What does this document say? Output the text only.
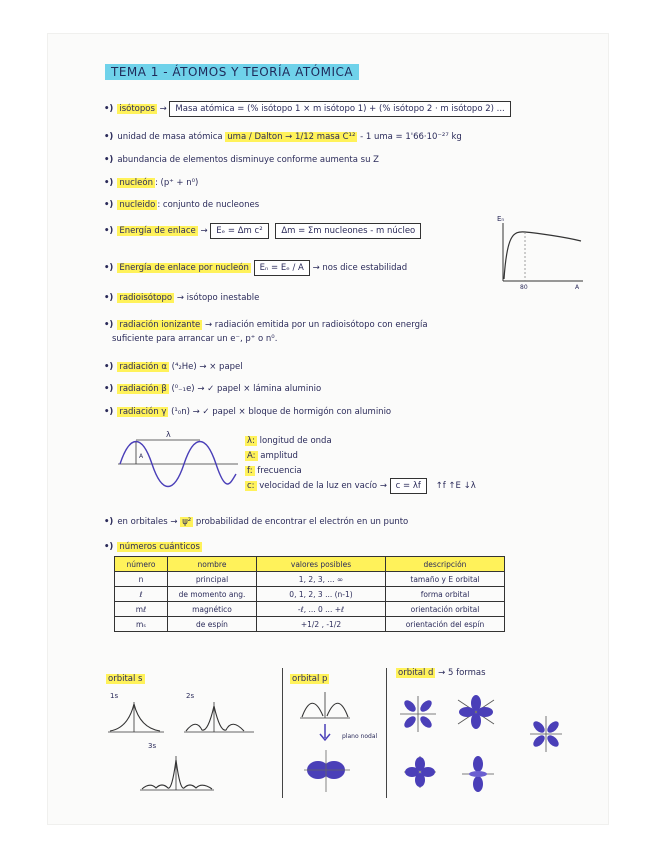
TEMA 1 - ÁTOMOS Y TEORÍA ATÓMICA
•) isótopos → Masa atómica = (% isótopo 1 × m isótopo 1) + (% isótopo 2 · m isótopo 2) ...
•) unidad de masa atómica uma / Dalton → 1/12 masa C¹² - 1 uma = 1'66·10⁻²⁷ kg
•) abundancia de elementos disminuye conforme aumenta su Z
•) nucleón : (p⁺ + n⁰)
•) nucleido : conjunto de nucleones
•) Energía de enlace → Eₑ = Δm c² Δm = Σm nucleones - m núcleo
•) Energía de enlace por nucleón Eₙ = Eₑ / A → nos dice estabilidad
Eₙ
80	A
•) radioisótopo → isótopo inestable
•) radiación ionizante → radiación emitida por un radioisótopo con energía
suficiente para arrancar un e⁻, p⁺ o n⁰.
•) radiación α (⁴₂He) → × papel
•) radiación β (⁰₋₁e) → ✓ papel × lámina aluminio
•) radiación γ (¹₀n) → ✓ papel × bloque de hormigón con aluminio
λ
A
λ: longitud de onda
A: amplitud
f: frecuencia
c: velocidad de la luz en vacío → c = λf ↑f ↑E ↓λ
•) en orbitales → ψ² probabilidad de encontrar el electrón en un punto
•) números cuánticos
número	nombre	valores posibles	descripción
n	principal	1, 2, 3, ... ∞	tamaño y E orbital
ℓ	de momento ang.	0, 1, 2, 3 ... (n-1)	forma orbital
mℓ	magnético	-ℓ, ... 0 ... +ℓ	orientación orbital
mₛ	de espín	+1/2 , -1/2	orientación del espín
orbital s
1s	2s
3s
orbital p
plano nodal
orbital d → 5 formas
